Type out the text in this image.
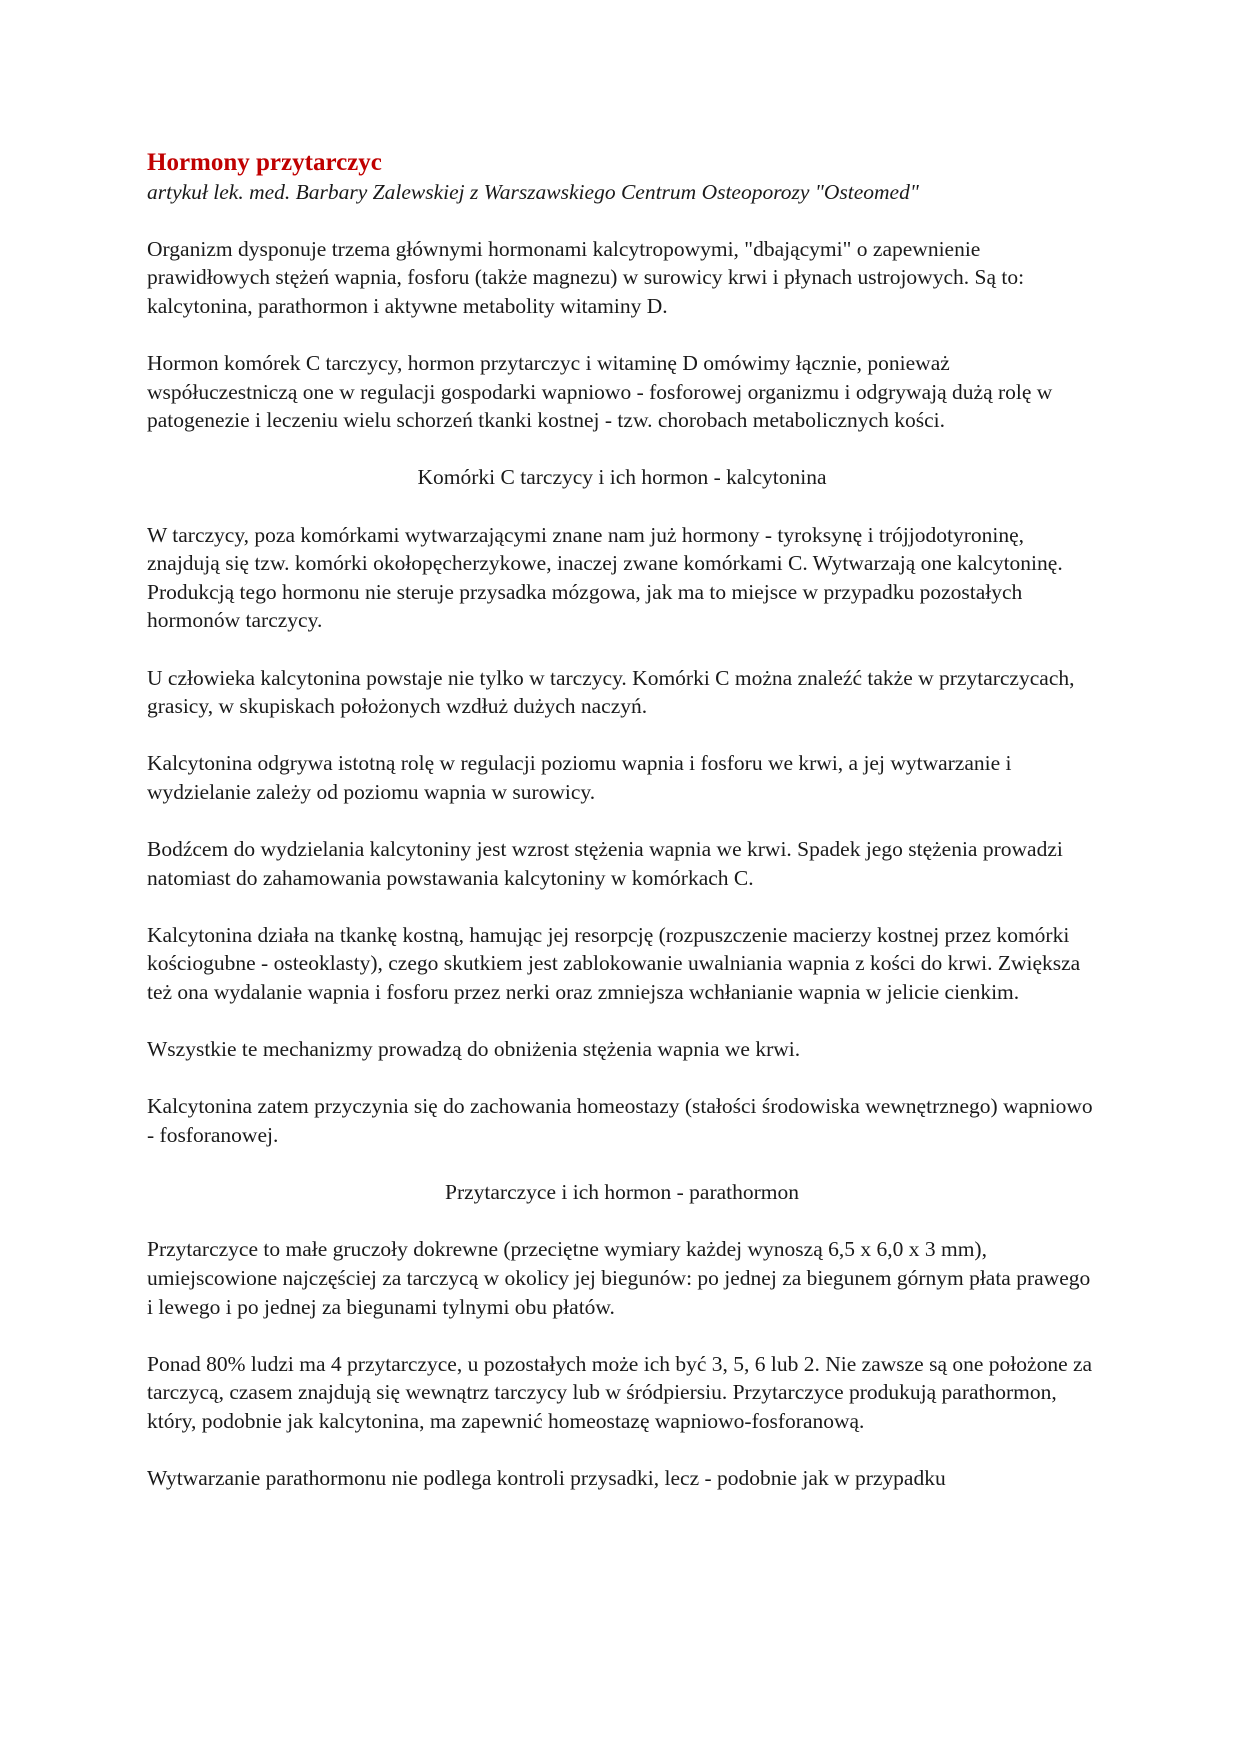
Hormony przytarczyc
artykuł lek. med. Barbary Zalewskiej z Warszawskiego Centrum Osteoporozy "Osteomed"

Organizm dysponuje trzema głównymi hormonami kalcytropowymi, "dbającymi" o zapewnienie prawidłowych stężeń wapnia, fosforu (także magnezu) w surowicy krwi i płynach ustrojowych. Są to: kalcytonina, parathormon i aktywne metabolity witaminy D.

Hormon komórek C tarczycy, hormon przytarczyc i witaminę D omówimy łącznie, ponieważ współuczestniczą one w regulacji gospodarki wapniowo - fosforowej organizmu i odgrywają dużą rolę w patogenezie i leczeniu wielu schorzeń tkanki kostnej - tzw. chorobach metabolicznych kości.

Komórki C tarczycy i ich hormon - kalcytonina

W tarczycy, poza komórkami wytwarzającymi znane nam już hormony - tyroksynę i trójjodotyroninę, znajdują się tzw. komórki okołopęcherzykowe, inaczej zwane komórkami C. Wytwarzają one kalcytoninę. Produkcją tego hormonu nie steruje przysadka mózgowa, jak ma to miejsce w przypadku pozostałych hormonów tarczycy.

U człowieka kalcytonina powstaje nie tylko w tarczycy. Komórki C można znaleźć także w przytarczycach, grasicy, w skupiskach położonych wzdłuż dużych naczyń.

Kalcytonina odgrywa istotną rolę w regulacji poziomu wapnia i fosforu we krwi, a jej wytwarzanie i wydzielanie zależy od poziomu wapnia w surowicy.

Bodźcem do wydzielania kalcytoniny jest wzrost stężenia wapnia we krwi. Spadek jego stężenia prowadzi natomiast do zahamowania powstawania kalcytoniny w komórkach C.

Kalcytonina działa na tkankę kostną, hamując jej resorpcję (rozpuszczenie macierzy kostnej przez komórki kościogubne - osteoklasty), czego skutkiem jest zablokowanie uwalniania wapnia z kości do krwi. Zwiększa też ona wydalanie wapnia i fosforu przez nerki oraz zmniejsza wchłanianie wapnia w jelicie cienkim.

Wszystkie te mechanizmy prowadzą do obniżenia stężenia wapnia we krwi.

Kalcytonina zatem przyczynia się do zachowania homeostazy (stałości środowiska wewnętrznego) wapniowo - fosforanowej.

Przytarczyce i ich hormon - parathormon

Przytarczyce to małe gruczoły dokrewne (przeciętne wymiary każdej wynoszą 6,5 x 6,0 x 3 mm), umiejscowione najczęściej za tarczycą w okolicy jej biegunów: po jednej za biegunem górnym płata prawego i lewego i po jednej za biegunami tylnymi obu płatów.

Ponad 80% ludzi ma 4 przytarczyce, u pozostałych może ich być 3, 5, 6 lub 2. Nie zawsze są one położone za tarczycą, czasem znajdują się wewnątrz tarczycy lub w śródpiersiu. Przytarczyce produkują parathormon, który, podobnie jak kalcytonina, ma zapewnić homeostazę wapniowo-fosforanową.

Wytwarzanie parathormonu nie podlega kontroli przysadki, lecz - podobnie jak w przypadku
